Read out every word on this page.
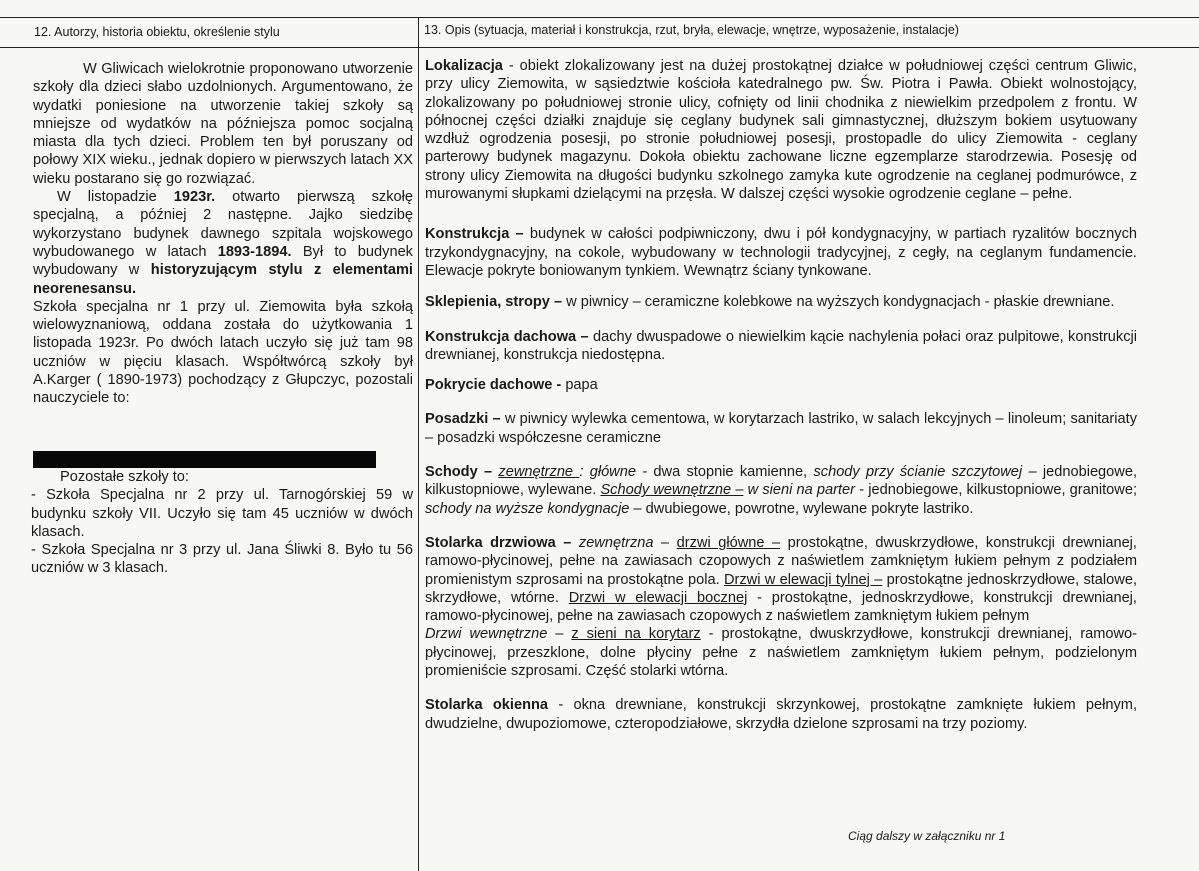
12. Autorzy, historia obiektu, określenie stylu	13. Opis (sytuacja, materiał i konstrukcja, rzut, bryła, elewacje, wnętrze, wyposażenie, instalacje)

W Gliwicach wielokrotnie proponowano utworzenie szkoły dla dzieci słabo uzdolnionych. Argumentowano, że wydatki poniesione na utworzenie takiej szkoły są mniejsze od wydatków na późniejsza pomoc socjalną miasta dla tych dzieci. Problem ten był poruszany od połowy XIX wieku., jednak dopiero w pierwszych latach XX wieku postarano się go rozwiązać.

W listopadzie 1923r. otwarto pierwszą szkołę specjalną, a później 2 następne. Jajko siedzibę wykorzystano budynek dawnego szpitala wojskowego wybudowanego w latach 1893-1894. Był to budynek wybudowany w historyzującym stylu z elementami neorenesansu.

Szkoła specjalna nr 1 przy ul. Ziemowita była szkołą wielowyznaniową, oddana została do użytkowania 1 listopada 1923r. Po dwóch latach uczyło się już tam 98 uczniów w pięciu klasach. Współtwórcą szkoły był A.Karger ( 1890-1973) pochodzący z Głupczyc, pozostali nauczyciele to:

Pozostałe szkoły to:

- Szkoła Specjalna nr 2 przy ul. Tarnogórskiej 59 w budynku szkoły VII. Uczyło się tam 45 uczniów w dwóch klasach.

- Szkoła Specjalna nr 3 przy ul. Jana Śliwki 8. Było tu 56 uczniów w 3 klasach.

Lokalizacja - obiekt zlokalizowany jest na dużej prostokątnej działce w południowej części centrum Gliwic, przy ulicy Ziemowita, w sąsiedztwie kościoła katedralnego pw. Św. Piotra i Pawła. Obiekt wolnostojący, zlokalizowany po południowej stronie ulicy, cofnięty od linii chodnika z niewielkim przedpolem z frontu. W północnej części działki znajduje się ceglany budynek sali gimnastycznej, dłuższym bokiem usytuowany wzdłuż ogrodzenia posesji, po stronie południowej posesji, prostopadle do ulicy Ziemowita - ceglany parterowy budynek magazynu. Dokoła obiektu zachowane liczne egzemplarze starodrzewia. Posesję od strony ulicy Ziemowita na długości budynku szkolnego zamyka kute ogrodzenie na ceglanej podmurówce, z murowanymi słupkami dzielącymi na przęsła. W dalszej części wysokie ogrodzenie ceglane – pełne.

Konstrukcja – budynek w całości podpiwniczony, dwu i pół kondygnacyjny, w partiach ryzalitów bocznych trzykondygnacyjny, na cokole, wybudowany w technologii tradycyjnej, z cegły, na ceglanym fundamencie. Elewacje pokryte boniowanym tynkiem. Wewnątrz ściany tynkowane.

Sklepienia, stropy – w piwnicy – ceramiczne kolebkowe na wyższych kondygnacjach - płaskie drewniane.

Konstrukcja dachowa – dachy dwuspadowe o niewielkim kącie nachylenia połaci oraz pulpitowe, konstrukcji drewnianej, konstrukcja niedostępna.

Pokrycie dachowe - papa

Posadzki – w piwnicy wylewka cementowa, w korytarzach lastriko, w salach lekcyjnych – linoleum; sanitariaty – posadzki współczesne ceramiczne

Schody – zewnętrzne : główne - dwa stopnie kamienne, schody przy ścianie szczytowej – jednobiegowe, kilkustopniowe, wylewane. Schody wewnętrzne – w sieni na parter - jednobiegowe, kilkustopniowe, granitowe; schody na wyższe kondygnacje – dwubiegowe, powrotne, wylewane pokryte lastriko.

Stolarka drzwiowa – zewnętrzna – drzwi główne – prostokątne, dwuskrzydłowe, konstrukcji drewnianej, ramowo-płycinowej, pełne na zawiasach czopowych z naświetlem zamkniętym łukiem pełnym z podziałem promienistym szprosami na prostokątne pola. Drzwi w elewacji tylnej – prostokątne jednoskrzydłowe, stalowe, skrzydłowe, wtórne. Drzwi w elewacji bocznej - prostokątne, jednoskrzydłowe, konstrukcji drewnianej, ramowo-płycinowej, pełne na zawiasach czopowych z naświetlem zamkniętym łukiem pełnym
Drzwi wewnętrzne – z sieni na korytarz - prostokątne, dwuskrzydłowe, konstrukcji drewnianej, ramowo-płycinowej, przeszklone, dolne płyciny pełne z naświetlem zamkniętym łukiem pełnym, podzielonym promieniście szprosami. Część stolarki wtórna.

Stolarka okienna - okna drewniane, konstrukcji skrzynkowej, prostokątne zamknięte łukiem pełnym, dwudzielne, dwupoziomowe, czteropodziałowe, skrzydła dzielone szprosami na trzy poziomy.

Ciąg dalszy w załączniku nr 1
